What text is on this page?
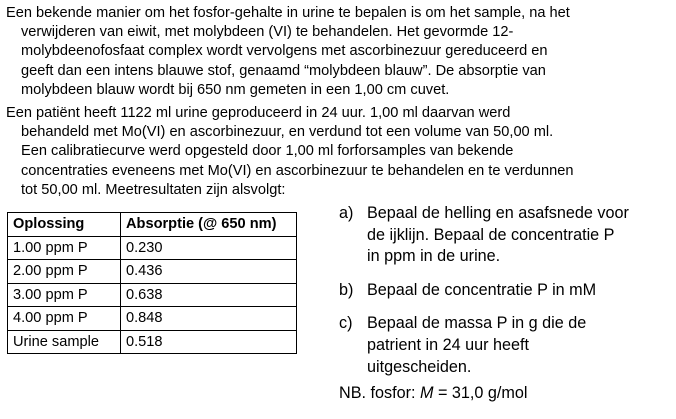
Een bekende manier om het fosfor-gehalte in urine te bepalen is om het sample, na het
verwijderen van eiwit, met molybdeen (VI) te behandelen. Het gevormde 12-
molybdeenofosfaat complex wordt vervolgens met ascorbinezuur gereduceerd en
geeft dan een intens blauwe stof, genaamd “molybdeen blauw”. De absorptie van
molybdeen blauw wordt bij 650 nm gemeten in een 1,00 cm cuvet.
Een patiënt heeft 1122 ml urine geproduceerd in 24 uur. 1,00 ml daarvan werd
behandeld met Mo(VI) en ascorbinezuur, en verdund tot een volume van 50,00 ml.
Een calibratiecurve werd opgesteld door 1,00 ml forforsamples van bekende
concentraties eveneens met Mo(VI) en ascorbinezuur te behandelen en te verdunnen
tot 50,00 ml. Meetresultaten zijn alsvolgt:
Oplossing	Absorptie (@ 650 nm)
1.00 ppm P	0.230
2.00 ppm P	0.436
3.00 ppm P	0.638
4.00 ppm P	0.848
Urine sample	0.518
a) Bepaal de helling en asafsnede voor
de ijklijn. Bepaal de concentratie P
in ppm in de urine.
b) Bepaal de concentratie P in mM
c) Bepaal de massa P in g die de
patrient in 24 uur heeft
uitgescheiden.
NB. fosfor: M = 31,0 g/mol
